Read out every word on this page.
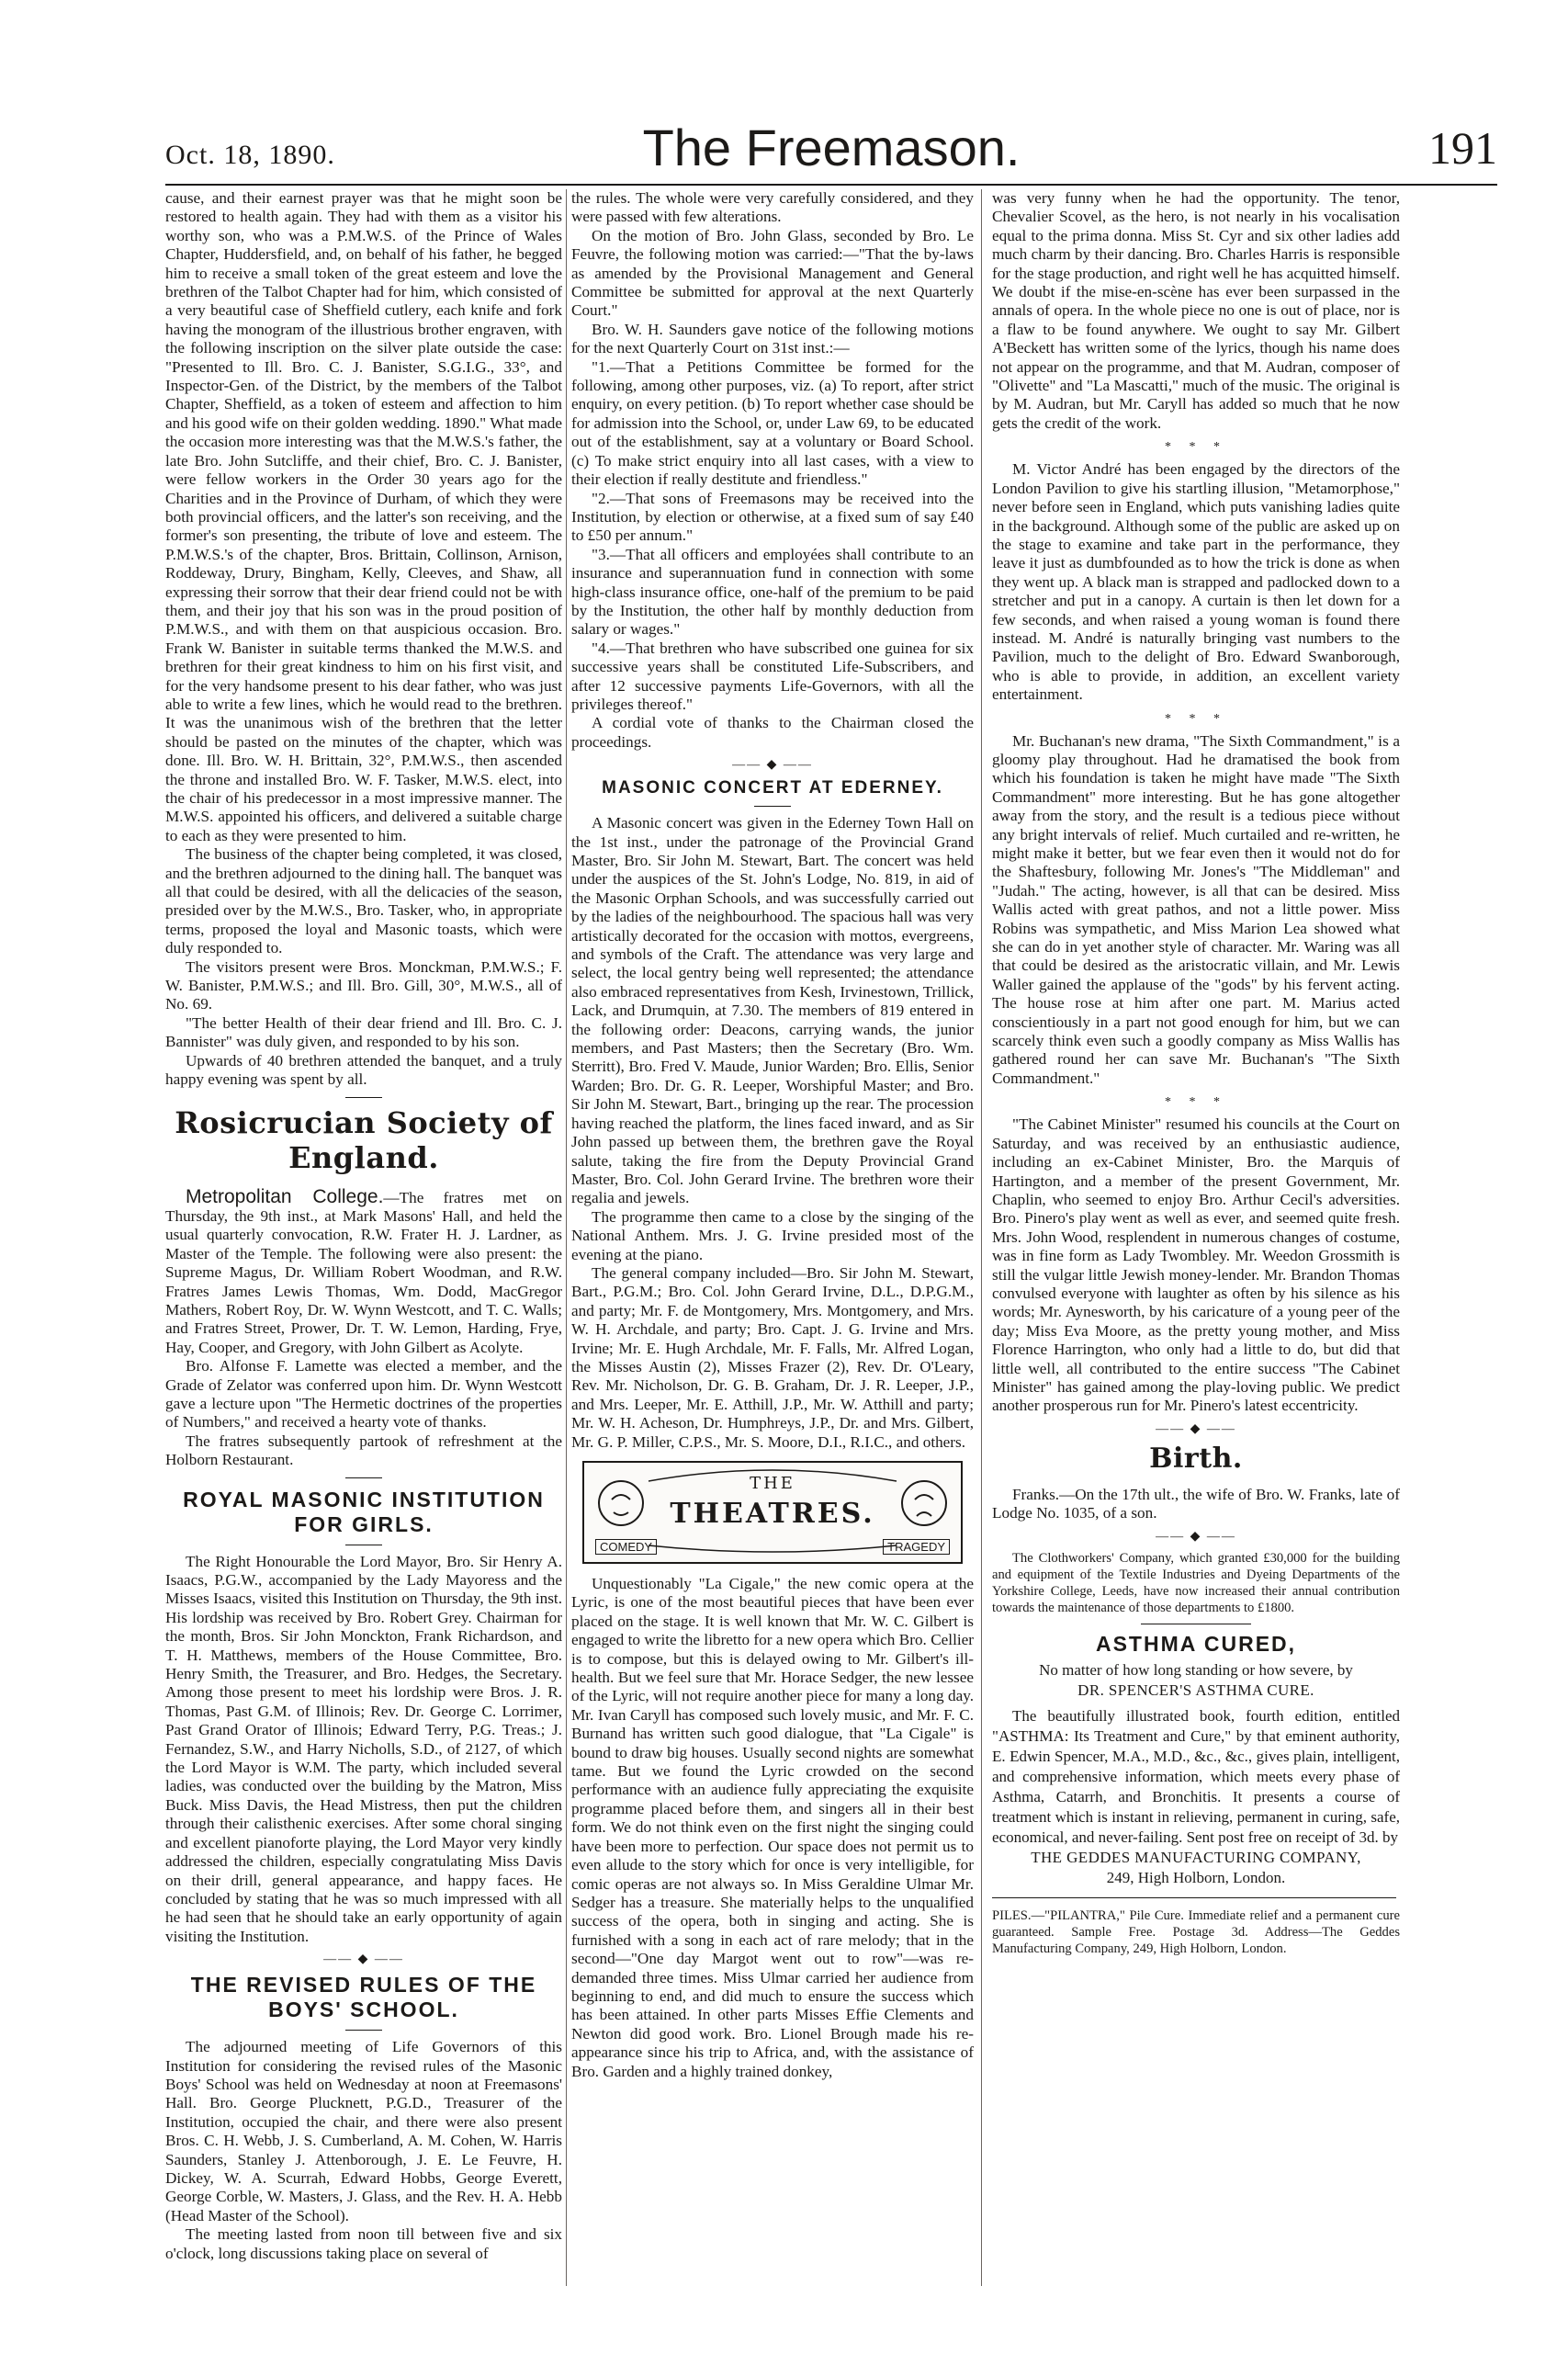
Oct. 18, 1890.	The Freemason.	191

cause, and their earnest prayer was that he might soon be restored to health again. They had with them as a visitor his worthy son, who was a P.M.W.S. of the Prince of Wales Chapter, Huddersfield, and, on behalf of his father, he begged him to receive a small token of the great esteem and love the brethren of the Talbot Chapter had for him, which consisted of a very beautiful case of Sheffield cutlery, each knife and fork having the monogram of the illustrious brother engraven, with the following inscription on the silver plate outside the case: "Presented to Ill. Bro. C. J. Banister, S.G.I.G., 33°, and Inspector-Gen. of the District, by the members of the Talbot Chapter, Sheffield, as a token of esteem and affection to him and his good wife on their golden wedding. 1890." What made the occasion more interesting was that the M.W.S.'s father, the late Bro. John Sutcliffe, and their chief, Bro. C. J. Banister, were fellow workers in the Order 30 years ago for the Charities and in the Province of Durham, of which they were both provincial officers, and the latter's son receiving, and the former's son presenting, the tribute of love and esteem. The P.M.W.S.'s of the chapter, Bros. Brittain, Collinson, Arnison, Roddeway, Drury, Bingham, Kelly, Cleeves, and Shaw, all expressing their sorrow that their dear friend could not be with them, and their joy that his son was in the proud position of P.M.W.S., and with them on that auspicious occasion. Bro. Frank W. Banister in suitable terms thanked the M.W.S. and brethren for their great kindness to him on his first visit, and for the very handsome present to his dear father, who was just able to write a few lines, which he would read to the brethren. It was the unanimous wish of the brethren that the letter should be pasted on the minutes of the chapter, which was done. Ill. Bro. W. H. Brittain, 32°, P.M.W.S., then ascended the throne and installed Bro. W. F. Tasker, M.W.S. elect, into the chair of his predecessor in a most impressive manner. The M.W.S. appointed his officers, and delivered a suitable charge to each as they were presented to him.

The business of the chapter being completed, it was closed, and the brethren adjourned to the dining hall. The banquet was all that could be desired, with all the delicacies of the season, presided over by the M.W.S., Bro. Tasker, who, in appropriate terms, proposed the loyal and Masonic toasts, which were duly responded to.

The visitors present were Bros. Monckman, P.M.W.S.; F. W. Banister, P.M.W.S.; and Ill. Bro. Gill, 30°, M.W.S., all of No. 69.

"The better Health of their dear friend and Ill. Bro. C. J. Bannister" was duly given, and responded to by his son.

Upwards of 40 brethren attended the banquet, and a truly happy evening was spent by all.

Rosicrucian Society of England.

Metropolitan College.—The fratres met on Thursday, the 9th inst., at Mark Masons' Hall, and held the usual quarterly convocation, R.W. Frater H. J. Lardner, as Master of the Temple. The following were also present: the Supreme Magus, Dr. William Robert Woodman, and R.W. Fratres James Lewis Thomas, Wm. Dodd, MacGregor Mathers, Robert Roy, Dr. W. Wynn Westcott, and T. C. Walls; and Fratres Street, Prower, Dr. T. W. Lemon, Harding, Frye, Hay, Cooper, and Gregory, with John Gilbert as Acolyte.

Bro. Alfonse F. Lamette was elected a member, and the Grade of Zelator was conferred upon him. Dr. Wynn Westcott gave a lecture upon "The Hermetic doctrines of the properties of Numbers," and received a hearty vote of thanks.

The fratres subsequently partook of refreshment at the Holborn Restaurant.

ROYAL MASONIC INSTITUTION
FOR GIRLS.

The Right Honourable the Lord Mayor, Bro. Sir Henry A. Isaacs, P.G.W., accompanied by the Lady Mayoress and the Misses Isaacs, visited this Institution on Thursday, the 9th inst. His lordship was received by Bro. Robert Grey. Chairman for the month, Bros. Sir John Monckton, Frank Richardson, and T. H. Matthews, members of the House Committee, Bro. Henry Smith, the Treasurer, and Bro. Hedges, the Secretary. Among those present to meet his lordship were Bros. J. R. Thomas, Past G.M. of Illinois; Rev. Dr. George C. Lorrimer, Past Grand Orator of Illinois; Edward Terry, P.G. Treas.; J. Fernandez, S.W., and Harry Nicholls, S.D., of 2127, of which the Lord Mayor is W.M. The party, which included several ladies, was conducted over the building by the Matron, Miss Buck. Miss Davis, the Head Mistress, then put the children through their calisthenic exercises. After some choral singing and excellent pianoforte playing, the Lord Mayor very kindly addressed the children, especially congratulating Miss Davis on their drill, general appearance, and happy faces. He concluded by stating that he was so much impressed with all he had seen that he should take an early opportunity of again visiting the Institution.

—— ◆ ——
THE REVISED RULES OF THE
BOYS' SCHOOL.

The adjourned meeting of Life Governors of this Institution for considering the revised rules of the Masonic Boys' School was held on Wednesday at noon at Freemasons' Hall. Bro. George Plucknett, P.G.D., Treasurer of the Institution, occupied the chair, and there were also present Bros. C. H. Webb, J. S. Cumberland, A. M. Cohen, W. Harris Saunders, Stanley J. Attenborough, J. E. Le Feuvre, H. Dickey, W. A. Scurrah, Edward Hobbs, George Everett, George Corble, W. Masters, J. Glass, and the Rev. H. A. Hebb (Head Master of the School).

The meeting lasted from noon till between five and six o'clock, long discussions taking place on several of

the rules. The whole were very carefully considered, and they were passed with few alterations.

On the motion of Bro. John Glass, seconded by Bro. Le Feuvre, the following motion was carried:—"That the by-laws as amended by the Provisional Management and General Committee be submitted for approval at the next Quarterly Court."

Bro. W. H. Saunders gave notice of the following motions for the next Quarterly Court on 31st inst.:—

"1.—That a Petitions Committee be formed for the following, among other purposes, viz. (a) To report, after strict enquiry, on every petition. (b) To report whether case should be for admission into the School, or, under Law 69, to be educated out of the establishment, say at a voluntary or Board School. (c) To make strict enquiry into all last cases, with a view to their election if really destitute and friendless."

"2.—That sons of Freemasons may be received into the Institution, by election or otherwise, at a fixed sum of say £40 to £50 per annum."

"3.—That all officers and employées shall contribute to an insurance and superannuation fund in connection with some high-class insurance office, one-half of the premium to be paid by the Institution, the other half by monthly deduction from salary or wages."

"4.—That brethren who have subscribed one guinea for six successive years shall be constituted Life-Subscribers, and after 12 successive payments Life-Governors, with all the privileges thereof."

A cordial vote of thanks to the Chairman closed the proceedings.

—— ◆ ——
MASONIC CONCERT AT EDERNEY.

A Masonic concert was given in the Ederney Town Hall on the 1st inst., under the patronage of the Provincial Grand Master, Bro. Sir John M. Stewart, Bart. The concert was held under the auspices of the St. John's Lodge, No. 819, in aid of the Masonic Orphan Schools, and was successfully carried out by the ladies of the neighbourhood. The spacious hall was very artistically decorated for the occasion with mottos, evergreens, and symbols of the Craft. The attendance was very large and select, the local gentry being well represented; the attendance also embraced representatives from Kesh, Irvinestown, Trillick, Lack, and Drumquin, at 7.30. The members of 819 entered in the following order: Deacons, carrying wands, the junior members, and Past Masters; then the Secretary (Bro. Wm. Sterritt), Bro. Fred V. Maude, Junior Warden; Bro. Ellis, Senior Warden; Bro. Dr. G. R. Leeper, Worshipful Master; and Bro. Sir John M. Stewart, Bart., bringing up the rear. The procession having reached the platform, the lines faced inward, and as Sir John passed up between them, the brethren gave the Royal salute, taking the fire from the Deputy Provincial Grand Master, Bro. Col. John Gerard Irvine. The brethren wore their regalia and jewels.

The programme then came to a close by the singing of the National Anthem. Mrs. J. G. Irvine presided most of the evening at the piano.

The general company included—Bro. Sir John M. Stewart, Bart., P.G.M.; Bro. Col. John Gerard Irvine, D.L., D.P.G.M., and party; Mr. F. de Montgomery, Mrs. Montgomery, and Mrs. W. H. Archdale, and party; Bro. Capt. J. G. Irvine and Mrs. Irvine; Mr. E. Hugh Archdale, Mr. F. Falls, Mr. Alfred Logan, the Misses Austin (2), Misses Frazer (2), Rev. Dr. O'Leary, Rev. Mr. Nicholson, Dr. G. B. Graham, Dr. J. R. Leeper, J.P., and Mrs. Leeper, Mr. E. Atthill, J.P., Mr. W. Atthill and party; Mr. W. H. Acheson, Dr. Humphreys, J.P., Dr. and Mrs. Gilbert, Mr. G. P. Miller, C.P.S., Mr. S. Moore, D.I., R.I.C., and others.

THE
THEATRES.
COMEDY	TRAGEDY

Unquestionably "La Cigale," the new comic opera at the Lyric, is one of the most beautiful pieces that have been ever placed on the stage. It is well known that Mr. W. C. Gilbert is engaged to write the libretto for a new opera which Bro. Cellier is to compose, but this is delayed owing to Mr. Gilbert's ill-health. But we feel sure that Mr. Horace Sedger, the new lessee of the Lyric, will not require another piece for many a long day. Mr. Ivan Caryll has composed such lovely music, and Mr. F. C. Burnand has written such good dialogue, that "La Cigale" is bound to draw big houses. Usually second nights are somewhat tame. But we found the Lyric crowded on the second performance with an audience fully appreciating the exquisite programme placed before them, and singers all in their best form. We do not think even on the first night the singing could have been more to perfection. Our space does not permit us to even allude to the story which for once is very intelligible, for comic operas are not always so. In Miss Geraldine Ulmar Mr. Sedger has a treasure. She materially helps to the unqualified success of the opera, both in singing and acting. She is furnished with a song in each act of rare melody; that in the second—"One day Margot went out to row"—was re-demanded three times. Miss Ulmar carried her audience from beginning to end, and did much to ensure the success which has been attained. In other parts Misses Effie Clements and Newton did good work. Bro. Lionel Brough made his re-appearance since his trip to Africa, and, with the assistance of Bro. Garden and a highly trained donkey,

was very funny when he had the opportunity. The tenor, Chevalier Scovel, as the hero, is not nearly in his vocalisation equal to the prima donna. Miss St. Cyr and six other ladies add much charm by their dancing. Bro. Charles Harris is responsible for the stage production, and right well he has acquitted himself. We doubt if the mise-en-scène has ever been surpassed in the annals of opera. In the whole piece no one is out of place, nor is a flaw to be found anywhere. We ought to say Mr. Gilbert A'Beckett has written some of the lyrics, though his name does not appear on the programme, and that M. Audran, composer of "Olivette" and "La Mascatti," much of the music. The original is by M. Audran, but Mr. Caryll has added so much that he now gets the credit of the work.

* * *

M. Victor André has been engaged by the directors of the London Pavilion to give his startling illusion, "Metamorphose," never before seen in England, which puts vanishing ladies quite in the background. Although some of the public are asked up on the stage to examine and take part in the performance, they leave it just as dumbfounded as to how the trick is done as when they went up. A black man is strapped and padlocked down to a stretcher and put in a canopy. A curtain is then let down for a few seconds, and when raised a young woman is found there instead. M. André is naturally bringing vast numbers to the Pavilion, much to the delight of Bro. Edward Swanborough, who is able to provide, in addition, an excellent variety entertainment.

* * *

Mr. Buchanan's new drama, "The Sixth Commandment," is a gloomy play throughout. Had he dramatised the book from which his foundation is taken he might have made "The Sixth Commandment" more interesting. But he has gone altogether away from the story, and the result is a tedious piece without any bright intervals of relief. Much curtailed and re-written, he might make it better, but we fear even then it would not do for the Shaftesbury, following Mr. Jones's "The Middleman" and "Judah." The acting, however, is all that can be desired. Miss Wallis acted with great pathos, and not a little power. Miss Robins was sympathetic, and Miss Marion Lea showed what she can do in yet another style of character. Mr. Waring was all that could be desired as the aristocratic villain, and Mr. Lewis Waller gained the applause of the "gods" by his fervent acting. The house rose at him after one part. M. Marius acted conscientiously in a part not good enough for him, but we can scarcely think even such a goodly company as Miss Wallis has gathered round her can save Mr. Buchanan's "The Sixth Commandment."

* * *

"The Cabinet Minister" resumed his councils at the Court on Saturday, and was received by an enthusiastic audience, including an ex-Cabinet Minister, Bro. the Marquis of Hartington, and a member of the present Government, Mr. Chaplin, who seemed to enjoy Bro. Arthur Cecil's adversities. Bro. Pinero's play went as well as ever, and seemed quite fresh. Mrs. John Wood, resplendent in numerous changes of costume, was in fine form as Lady Twombley. Mr. Weedon Grossmith is still the vulgar little Jewish money-lender. Mr. Brandon Thomas convulsed everyone with laughter as often by his silence as his words; Mr. Aynesworth, by his caricature of a young peer of the day; Miss Eva Moore, as the pretty young mother, and Miss Florence Harrington, who only had a little to do, but did that little well, all contributed to the entire success "The Cabinet Minister" has gained among the play-loving public. We predict another prosperous run for Mr. Pinero's latest eccentricity.

—— ◆ ——
Birth.

Franks.—On the 17th ult., the wife of Bro. W. Franks, late of Lodge No. 1035, of a son.

—— ◆ ——

The Clothworkers' Company, which granted £30,000 for the building and equipment of the Textile Industries and Dyeing Departments of the Yorkshire College, Leeds, have now increased their annual contribution towards the maintenance of those departments to £1800.

ASTHMA CURED,

No matter of how long standing or how severe, by

DR. SPENCER'S ASTHMA CURE.

The beautifully illustrated book, fourth edition, entitled "ASTHMA: Its Treatment and Cure," by that eminent authority, E. Edwin Spencer, M.A., M.D., &c., &c., gives plain, intelligent, and comprehensive information, which meets every phase of Asthma, Catarrh, and Bronchitis. It presents a course of treatment which is instant in relieving, permanent in curing, safe, economical, and never-failing. Sent post free on receipt of 3d. by

THE GEDDES MANUFACTURING COMPANY,

249, High Holborn, London.

PILES.—"PILANTRA," Pile Cure. Immediate relief and a permanent cure guaranteed. Sample Free. Postage 3d. Address—The Geddes Manufacturing Company, 249, High Holborn, London.
